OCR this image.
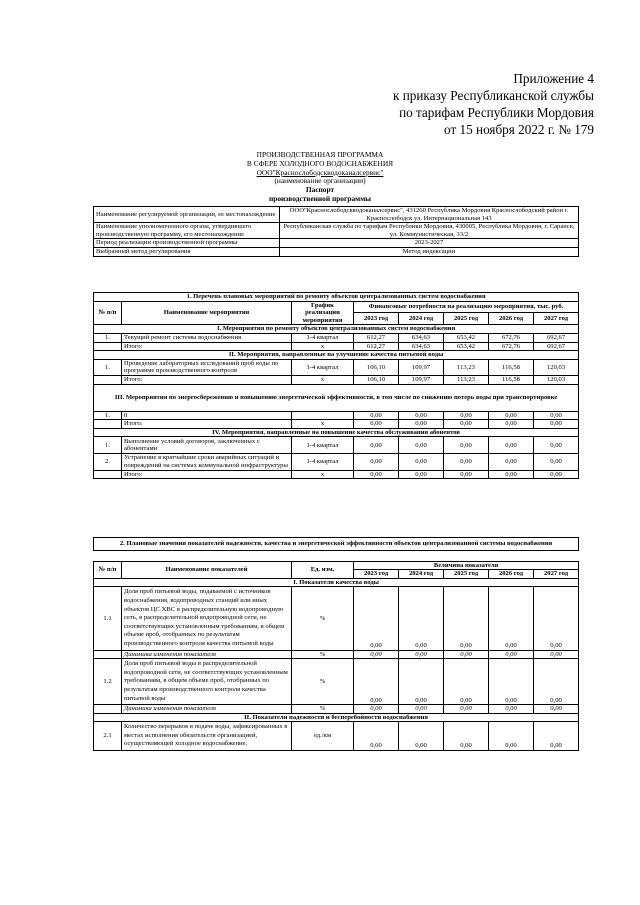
Приложение 4
к приказу Республиканской службы
по тарифам Республики Мордовия
от 15 ноября 2022 г. № 179
ПРОИЗВОДСТВЕННАЯ ПРОГРАММА
В СФЕРЕ ХОЛОДНОГО ВОДОСНАБЖЕНИЯ
ООО"Краснослободскводоканалсервис"
(наименование организации)
Паспорт
производственной программы
Наименование регулируемой организации, ее местонахождение	ООО"Краснослободскводоканалсервис", 431260 Республика Мордовия Краснослободский район г. Краснослободск ул. Интернациональная 143
Наименование уполномоченного органа, утвердившего производственную программу, его местонахождение	Республиканская служба по тарифам Республики Мордовия, 430005, Республика Мордовия, г. Саранск, ул. Коммунистическая, 33/2
Период реализации производственной программы	2023-2027
Выбранный метод регулирования	Метод индексации
1. Перечень плановых мероприятий по ремонту объектов централизованных систем водоснабжения							
№ п/п	Наименование мероприятия	График реализации мероприятия	Финансовые потребности на реализацию мероприятия, тыс. руб.				
			2023 год	2024 год	2025 год	2026 год	2027 год
I. Мероприятия по ремонту объектов централизованных систем водоснабжения							
1.	Текущий ремонт системы водоснабжения	1-4 квартал	612,27	634,63	653,42	672,76	692,67
	Итого:	х	612,27	634,63	653,42	672,76	692,67
II. Мероприятия, направленные на улучшение качества питьевой воды							
1.	Проведение лабораторных исследований проб воды по программе производственного контроля	1-4 квартал	106,10	109,97	113,23	116,58	120,03
	Итого:	х	106,10	109,97	113,23	116,58	120,03
III. Мероприятия по энергосбережению и повышению энергетической эффективности, в том числе по снижению потерь воды при транспортировке							
1.	0		0,00	0,00	0,00	0,00	0,00
	Итого:	х	0,00	0,00	0,00	0,00	0,00
IV. Мероприятия, направленные на повышение качества обслуживания абонентов							
1.	Выполнение условий договоров, заключенных с абонентами	1-4 квартал	0,00	0,00	0,00	0,00	0,00
2.	Устранение в кратчайшие сроки аварийных ситуаций и повреждений на системах коммунальной инфраструктуры	1-4 квартал	0,00	0,00	0,00	0,00	0,00
	Итого:	х	0,00	0,00	0,00	0,00	0,00
2. Плановые значения показателей надежности, качества и энергетической эффективности объектов централизованной системы водоснабжения							

№ п/п	Наименование показателей	Ед. изм.	Величина показателя				
			2023 год	2024 год	2025 год	2026 год	2027 год
I. Показатели качества воды							
1.1	Доля проб питьевой воды, подаваемой с источников водоснабжения, водопроводных станций или иных объектов ЦС ХВС в распределительную водопроводную сеть, в распределительной водопроводной сети, не соответствующих установленным требованиям, в общем объеме проб, отобранных по результатам производственного контроля качества питьевой воды	%	0,00	0,00	0,00	0,00	0,00
	Динамика изменения показателя	%	0,00	0,00	0,00	0,00	0,00
1.2	Доля проб питьевой воды в распределительной водопроводной сети, не соответствующих установленным требованиям, в общем объеме проб, отобранных по результатам производственного контроля качества питьевой воды	%	0,00	0,00	0,00	0,00	0,00
	Динамика изменения показателя	%	0,00	0,00	0,00	0,00	0,00
II. Показатели надежности и бесперебойности водоснабжения							
2.1	Количество перерывов в подаче воды, зафиксированных в местах исполнения обязательств организацией, осуществляющей холодное водоснабжение,	ед./км	0,00	0,00	0,00	0,00	0,00
